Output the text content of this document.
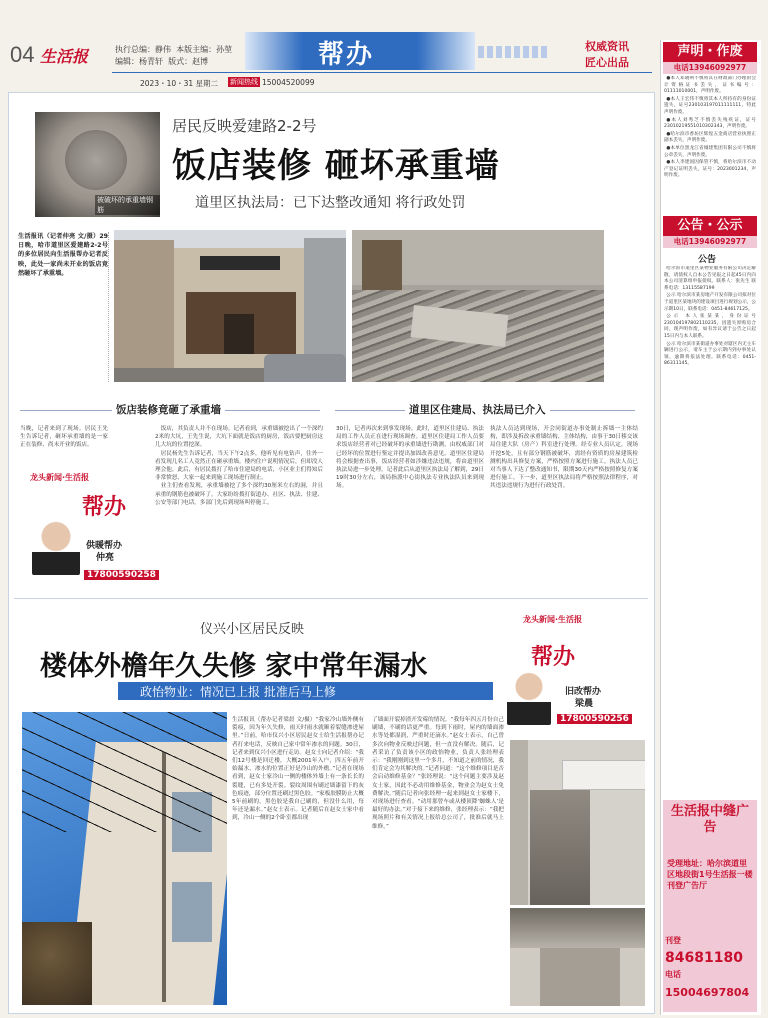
04 生活报	执行总编：静伟 本版主编：孙堃
编辑：杨青轩 版式：赵博	帮办	权威资讯
匠心出品
2023・10・31 星期二 新闻热线 15004520099
被破坏的承重墙钢筋
居民反映爱建路2-2号
饭店装修 砸坏承重墙
道里区执法局：已下达整改通知 将行政处罚
生活报讯（记者仲亮 文/摄）29日晚，哈市道里区爱建路2-2号的多位居民向生活报帮办记者反映，此处一家尚未开业的饭店竟然砸坏了承重墙。
饭店装修竟砸了承重墙	道里区住建局、执法局已介入
当晚，记者来到了现场。居民王先生告诉记者，砸坏承重墙的是一家正在装修、尚未开业的饭店。
龙头新闻·生活报
帮办
供暖帮办
仲亮
17800590258

饭店，其负责人并不在现场。记者看到，承重墙被挖出了一个深约2米的大坑，王先生说，大坑下面就是饭店的厨房，饭店要把厨房这儿大坑的位置挖深。

居民杨先生告诉记者，当天下午2点多，他听见有电钻声，往外一看发现几名工人竟然正在砸承重墙。楼内住户说明情况后，但却没人理会他。此后，有居民拨打了哈市住建局的电话，小区业主们得知后非常愤怒，大家一起来到施工现场进行制止。

业主们查看发现，承重墙被挖了多个深约30厘米左右的洞，并且承重的钢筋也被破坏了。大家纷纷拨打街道办、社区、执法、住建、公安等部门电话，多部门先后到现场叫停施工。

30日，记者再次来到事发现场。此时，道里区住建局、执法局的工作人员正在进行现场调查。道里区住建局工作人员要求饭店经营者对已经破坏的承重墙进行勘测，由权威部门对已经坏的位置进行鉴定并提出加固改善意见。道里区住建局将会根据查出事，饭店经营者如涉嫌违法违规，将由道里区执法局进一步处理。记者此后从道里区执法局了解到，29日19时30分左右，该局指派中心街执法专业执法队员来到现场。
执法人员达到现场，开会同街道办事处制止拆墙一主体结构，即涉及拆改承重墙结构、主体结构，由事于30日移交该局住建大队（房产）科室进行处理。经专业人员认定，现场开挖5处，且有部分钢筋被破坏，需经有资质的房屋建筑检测机构出具修复方案，严格按照方案进行施工。执法人员已对当事人下达了整改通知书，限期30天内严格按照修复方案进行施工。下一步，道里区执法局将严格按照法律程序，对其违法违规行为进行行政处罚。
仪兴小区居民反映
楼体外檐年久失修 家中常年漏水
政怡物业：情况已上报 批准后马上修
龙头新闻·生活报
帮办
旧改帮办
梁晨
17800590256
生活报讯（帮办记者梁晨 文/摄）“我家冷山墙外侧有裂痕，因为年久失修，雨天时雨水就顺着裂缝渗进屋里。”日前，哈市仪兴小区居民赵女士给生活报帮办记者打来电话，反映自己家中常年渗水的问题。30日，记者来到仪兴小区进行走访。赵女士向记者介绍：“我们12号楼是回迁楼，大概2001年入户，四五年前开始漏水，渗水的位置正好是冷山的外檐。”记者在现场看到，赵女士家冷山一侧的楼体外墙上有一条长长的裂缝，已有多处开裂。裂纹周围有刷过墙漆留下的灰色痕迹，部分位置还刷过黑色胶。“家板胶膜防止大概5年前刷的，黑色胶是我自己刷的，但没什么用，每年还是漏水。”赵女士表示。记者随后在赵女士家中看到，冷山一侧的2个卧室都出现
了墙面开裂掉渣开发霉的情况。“我每年四五月份自己刷墙，不刷的话更严重。每到下雨时，屋内的墙面渗水等处都湿润，严重时还滴水。”赵女士表示，自己曾多次向物业反映过问题，但一直没有解决。随后，记者采访了负责该小区的政怡物业，负责人张经理表示：“我刚刚到这里一个多月，不知道之前的情况，我们肯定会为其解决的。”记者问道：“这个维修项目是否会启动维修基金？”张经理说：“这个问题主要涉及赵女士家，因此不必动用维修基金，物业会为赵女士免费解决。”随后记者向张经理一起来到赵女士家楼下，对现场进行查看。“动用那曾车或从楼顶降‘蜘蛛人’是最好的办法。”对于接下来的维修，张经理表示：“我把现场照片和有关情况上报给总公司了，批准后就马上维修。”
声明・作废
电话13946092977

●本人邓晓利不慎将其在财政部门办理的会计资格证书丢失，证书编号：01111010001，声明作废。

●本人王宏伟不慎将其本人所持有的身份证遗失，证号230103197011111111，特此声明作废。

●本人刘秀芝不慎丢失残疾证，证号23010219551010302343，声明作废。

●哈尔滨市香坊区辉煌五金商店营业执照正副本丢失，声明作废。

●本单位黑龙江省城建集团有限公司不慎将公章丢失，声明作废。

●本人李建国因保管不慎，将哈尔滨市不动产登记证明丢失，证号：2023001234，声明作废。

公告・公示
电话13946092977
公告

哈尔滨市道里区某物业服务有限公司决定解散，请债权人自本公告见报之日起45日内向本公司清算组申报债权。联系人：张先生 联系电话：13115587199

公示 哈尔滨市某房地产开发有限公司拟对位于道里区某地块的建设项目进行规划公示，公示期10日，联系电话：0451-84617125。

公示 本人张某某，身份证号230104197802110235，因遗失原购房合同，现声明作废，如有异议请于公告之日起15日内与本人联系。

公示 哈尔滨市某街道办事处对辖区内无主车辆进行公示，请车主于公示期内到办事处认领，逾期将依法处理。联系电话：0451-86311145。

生活报中缝广告
受理地址：哈尔滨道里区地段街1号生活报一楼刊登广告厅
刊登 84681180
电话 15004697804
